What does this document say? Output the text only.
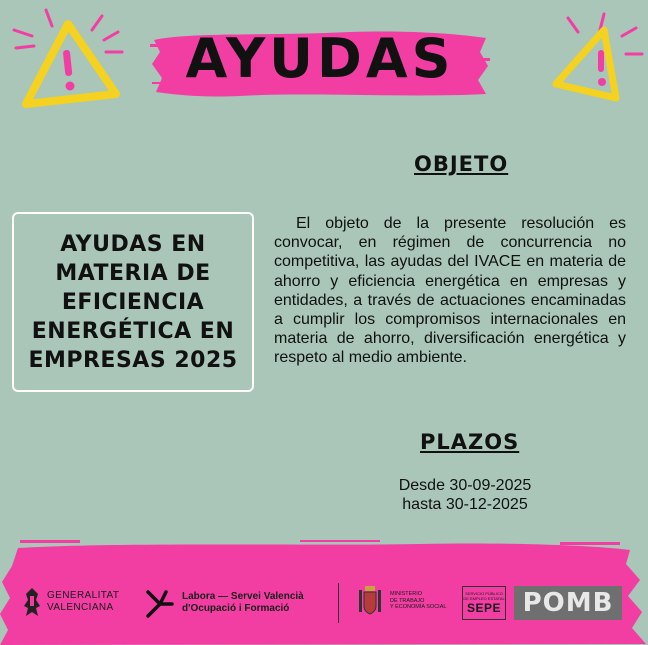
AYUDAS
AYUDAS EN MATERIA DE EFICIENCIA ENERGÉTICA EN EMPRESAS 2025
OBJETO
El objeto de la presente resolución es convocar, en régimen de concurrencia no competitiva, las ayudas del IVACE en materia de ahorro y eficiencia energética en empresas y entidades, a través de actuaciones encaminadas a cumplir los compromisos internacionales en materia de ahorro, diversificación energética y respeto al medio ambiente.
PLAZOS
Desde 30-09-2025
hasta 30-12-2025
GENERALITAT
VALENCIANA
Labora — Servei Valencià
d'Ocupació i Formació
MINISTERIO
DE TRABAJO
Y ECONOMÍA SOCIAL
SERVICIO PÚBLICO DE EMPLEO ESTATAL
SEPE POMB
